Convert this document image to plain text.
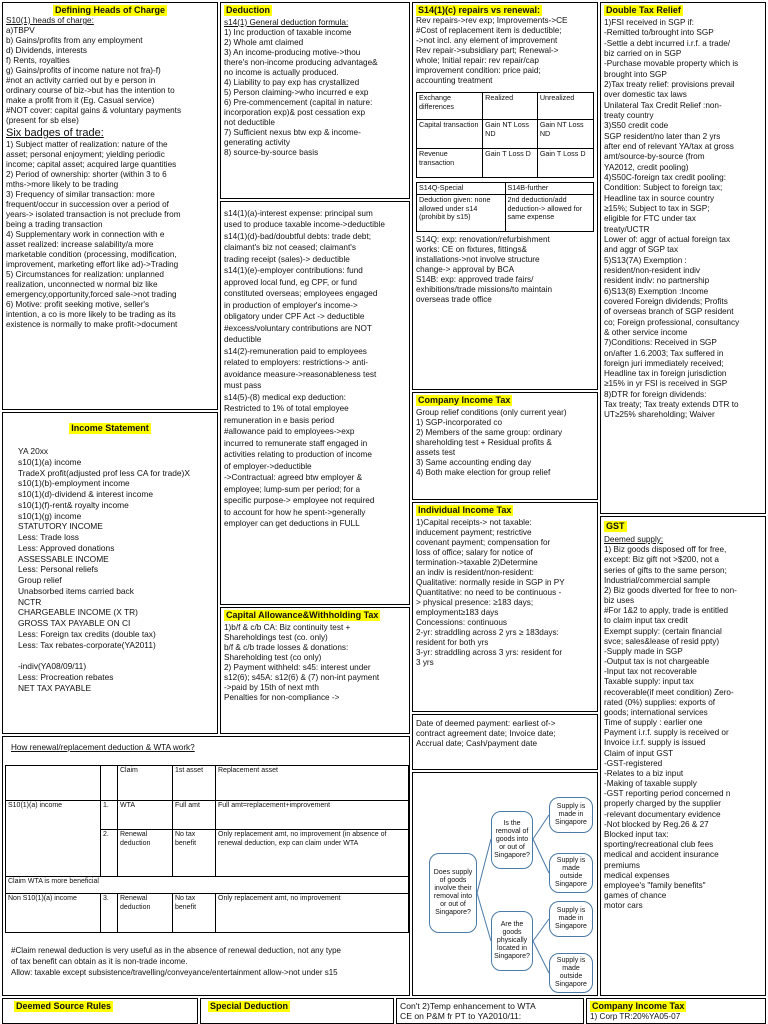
Defining Heads of Charge
S10(1) heads of charge:
a)TBPV
b) Gains/profits from any employment
d) Dividends, interests
f) Rents, royalties
g) Gains/profits of income nature not fra)-f)
#not an activity carried out by e person in
ordinary course of biz->but has the intention to
make a profit from it (Eg. Casual service)
#NOT cover: capital gains & voluntary payments
(present for sb else)
Six badges of trade:
1) Subject matter of realization: nature of the
asset; personal enjoyment; yielding periodic
income; capital asset; acquired large quantities
2) Period of ownership: shorter (within 3 to 6
mths->more likely to be trading
3) Frequency of similar transaction: more
frequent/occur in succession over a period of
years-> isolated transaction is not preclude from
being a trading transaction
4) Supplementary work in connection with e
asset realized: increase salability/a more
marketable condition (processing, modification,
improvement, marketing effort like ad)->Trading
5) Circumstances for realization: unplanned
realization, unconnected w normal biz like
emergency,opportunity,forced sale->not trading
6) Motive: profit seeking motive, seller's
intention, a co is more likely to be trading as its
existence is normally to make profit->document
Income Statement
YA 20xx
s10(1)(a) income
TradeX profit(adjusted prof less CA for trade)X
s10(1)(b)-employment income
s10(1)(d)-dividend & interest income
s10(1)(f)-rent& royalty income
s10(1)(g) income
STATUTORY INCOME
Less: Trade loss
Less: Approved donations
ASSESSABLE INCOME
Less: Personal reliefs
Group relief
Unabsorbed items carried back
NCTR
CHARGEABLE INCOME (X TR)
GROSS TAX PAYABLE ON CI
Less: Foreign tax credits (double tax)
Less: Tax rebates-corporate(YA2011)

-indiv(YA08/09/11)
Less: Procreation rebates
NET TAX PAYABLE
Deduction
s14(1) General deduction formula:
1) Inc production of taxable income
2) Whole amt claimed
3) An income-producing motive->thou
there's non-income producing advantage&
no income is actually produced.
4) Liability to pay exp has crystallized
5) Person claiming->who incurred e exp
6) Pre-commencement (capital in nature:
incorporation exp)& post cessation exp
not deductible
7) Sufficient nexus btw exp & income-
generating activity
8) source-by-source basis
s14(1)(a)-interest expense: principal sum
used to produce taxable income->deductible
s14(1)(d)-bad/doubtful debts: trade debt;
claimant's biz not ceased; claimant's
trading receipt (sales)-> deductible
s14(1)(e)-employer contributions: fund
approved local fund, eg CPF, or fund
constituted overseas; employees engaged
in production of employer's income->
obligatory under CPF Act -> deductible
#excess/voluntary contributions are NOT
deductible
s14(2)-remuneration paid to employees
related to employers: restrictions-> anti-
avoidance measure->reasonableness test
must pass
s14(5)-(8) medical exp deduction:
Restricted to 1% of total employee
remuneration in e basis period
#allowance paid to employees->exp
incurred to remunerate staff engaged in
activities relating to production of income
of employer->deductible
->Contractual: agreed btw employer &
employee; lump-sum per period; for a
specific purpose-> employee not required
to account for how he spent->generally
employer can get deductions in FULL
Capital Allowance&Withholding Tax
1)b/f & c/b CA: Biz continuity test +
Shareholdings test (co. only)
b/f & c/b trade losses & donations:
Shareholding test (co only)
2) Payment withheld: s45: interest under
s12(6); s45A: s12(6) & (7) non-int payment
->paid by 15th of next mth
Penalties for non-compliance ->
S14(1)(c) repairs vs renewal:
Rev repairs->rev exp; Improvements->CE
#Cost of replacement item is deductible;
->not incl. any element of improvement
Rev repair->subsidiary part; Renewal->
whole; Initial repair: rev repair/cap
improvement condition: price paid;
accounting treatment
Exchange differences	Realized	Unrealized
Capital transaction	Gain NT Loss ND	Gain NT Loss ND
Revenue transaction	Gain T Loss D	Gain T Loss D
S14Q-Special	S14B-further
Deduction given: none allowed under s14 (prohibit by s15)	2nd deduction/add deduction-> allowed for same expense
S14Q: exp: renovation/refurbishment
works: CE on fixtures, fittings&
installations->not involve structure
change-> approval by BCA
S14B: exp: approved trade fairs/
exhibitions/trade missions/to maintain
overseas trade office
Company Income Tax
Group relief conditions (only current year)
1) SGP-incorporated co
2) Members of the same group: ordinary
shareholding test + Residual profits &
assets test
3) Same accounting ending day
4) Both make election for group relief
Individual Income Tax
1)Capital receipts-> not taxable:
inducement payment; restrictive
covenant payment; compensation for
loss of office; salary for notice of
termination->taxable 2)Determine
an indiv is resident/non-resident:
Qualitative: normally reside in SGP in PY
Quantitative: no need to be continuous -
> physical presence: ≥183 days;
employment≥183 days
Concessions: continuous
2-yr: straddling across 2 yrs ≥ 183days:
resident for both yrs
3-yr: straddling across 3 yrs: resident for
3 yrs
Date of deemed payment: earliest of->
contract agreement date; Invoice date;
Accrual date; Cash/payment date
Does supply of goods involve their removal into or out of Singapore?
Is the removal of goods into or out of Singapore?
Are the goods physically located in Singapore?
Supply is made in Singapore
Supply is made outside Singapore
Supply is made in Singapore
Supply is made outside Singapore
Double Tax Relief
1)FSI received in SGP if:
-Remitted to/brought into SGP
-Settle a debt incurred i.r.f. a trade/
biz carried on in SGP
-Purchase movable property which is
brought into SGP
2)Tax treaty relief: provisions prevail
over domestic tax laws
Unilateral Tax Credit Relief :non-
treaty country
3)S50 credit code
SGP resident/no later than 2 yrs
after end of relevant YA/tax at gross
amt/source-by-source (from
YA2012, credit pooling)
4)S50C-foreign tax credit pooling:
Condition: Subject to foreign tax;
Headline tax in source country
≥15%; Subject to tax in SGP;
eligible for FTC under tax
treaty/UCTR
Lower of: aggr of actual foreign tax
and aggr of SGP tax
5)S13(7A) Exemption :
resident/non-resident indiv
resident indiv: no partnership
6)S13(8) Exemption :Income
covered Foreign dividends; Profits
of overseas branch of SGP resident
co; Foreign professional, consultancy
& other service income
7)Conditions: Received in SGP
on/after 1.6.2003; Tax suffered in
foreign juri immediately received;
Headline tax in foreign jurisdiction
≥15% in yr FSI is received in SGP
8)DTR for foreign dividends:
Tax treaty; Tax treaty extends DTR to
UT≥25% shareholding; Waiver
GST
Deemed supply:
1) Biz goods disposed off for free,
except: Biz gift not >$200, not a
series of gifts to the same person;
Industrial/commercial sample
2) Biz goods diverted for free to non-
biz uses
#For 1&2 to apply, trade is entitled
to claim input tax credit
Exempt supply: (certain financial
svce; sales&lease of resid ppty)
-Supply made in SGP
-Output tax is not chargeable
-Input tax not recoverable
Taxable supply: input tax
recoverable(if meet condition) Zero-
rated (0%) supplies: exports of
goods; international services
Time of supply : earlier one
Payment i.r.f. supply is received or
Invoice i.r.f. supply is issued
Claim of input GST
-GST-registered
-Relates to a biz input
-Making of taxable supply
-GST reporting period concerned n
properly charged by the supplier
-relevant documentary evidence
-Not blocked by Reg.26 & 27
Blocked input tax:
sporting/recreational club fees
medical and accident insurance
premiums
medical expenses
employee's "family benefits"
games of chance
motor cars
How renewal/replacement deduction & WTA work?
		Claim	1st asset	Replacement asset
S10(1)(a) income	1.	WTA	Full amt	Full amt=replacement+improvement
	2.	Renewal deduction	No tax benefit	Only replacement amt, no improvement (in absence of renewal deduction, exp can claim under WTA
Claim WTA is more beneficial				
Non S10(1)(a) income	3.	Renewal deduction	No tax benefit	Only replacement amt, no improvement
#Claim renewal deduction is very useful as in the absence of renewal deduction, not any type
of tax benefit can obtain as it is non-trade income.
Allow: taxable except subsistence/travelling/conveyance/entertainment allow->not under s15
Deemed Source Rules	Special Deduction	Con't 2)Temp enhancement to WTA
CE on P&M fr PT to YA2010/11:
Company Income Tax
1) Corp TR:20%YA05-07
